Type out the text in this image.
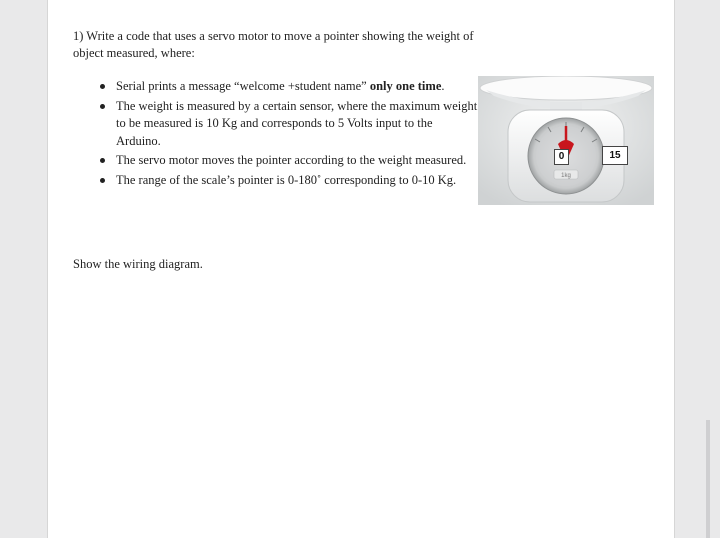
1) Write a code that uses a servo motor to move a pointer showing the weight of
object measured, where:
Serial prints a message “welcome +student name” only one time.
The weight is measured by a certain sensor, where the maximum weight to be measured is 10 Kg and corresponds to 5 Volts input to the Arduino.
The servo motor moves the pointer according to the weight measured.
The range of the scale’s pointer is 0-180˚ corresponding to 0-10 Kg.
Show the wiring diagram.
1kg
0	15
